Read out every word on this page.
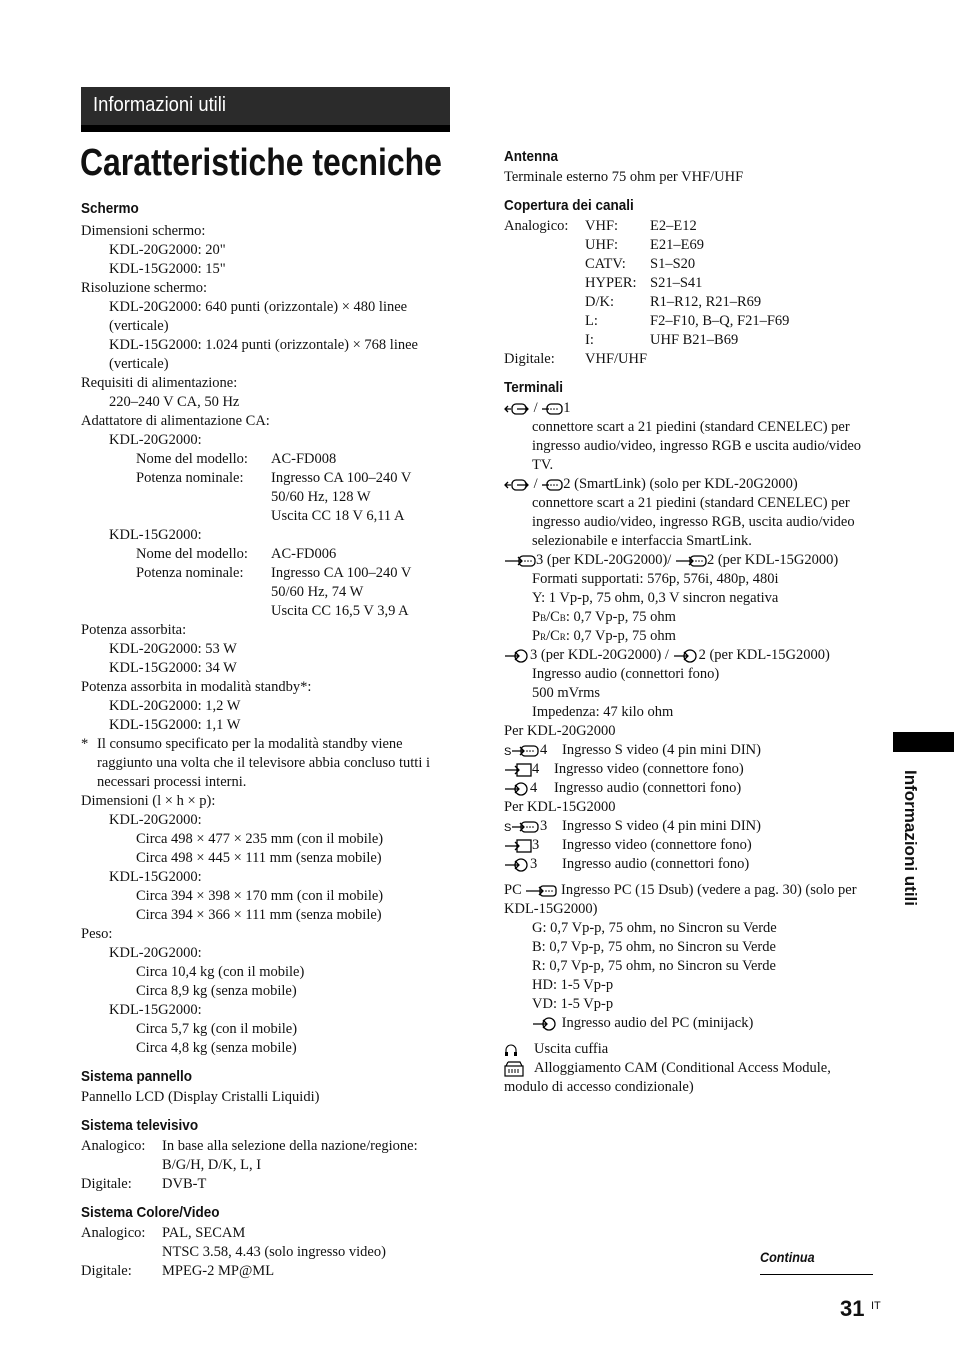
Informazioni utili
Caratteristiche tecniche
Schermo
Dimensioni schermo:
KDL-20G2000: 20"
KDL-15G2000: 15"
Risoluzione schermo:
KDL-20G2000: 640 punti (orizzontale) × 480 linee
(verticale)
KDL-15G2000: 1.024 punti (orizzontale) × 768 linee
(verticale)
Requisiti di alimentazione:
220–240 V CA, 50 Hz
Adattatore di alimentazione CA:
KDL-20G2000:
Nome del modello: AC-FD008
Potenza nominale: Ingresso CA 100–240 V
50/60 Hz, 128 W
Uscita CC 18 V 6,11 A
KDL-15G2000:
Nome del modello: AC-FD006
Potenza nominale: Ingresso CA 100–240 V
50/60 Hz, 74 W
Uscita CC 16,5 V 3,9 A
Potenza assorbita:
KDL-20G2000: 53 W
KDL-15G2000: 34 W
Potenza assorbita in modalità standby*:
KDL-20G2000: 1,2 W
KDL-15G2000: 1,1 W
* Il consumo specificato per la modalità standby viene
raggiunto una volta che il televisore abbia concluso tutti i
necessari processi interni.
Dimensioni (l × h × p):
KDL-20G2000:
Circa 498 × 477 × 235 mm (con il mobile)
Circa 498 × 445 × 111 mm (senza mobile)
KDL-15G2000:
Circa 394 × 398 × 170 mm (con il mobile)
Circa 394 × 366 × 111 mm (senza mobile)
Peso:
KDL-20G2000:
Circa 10,4 kg (con il mobile)
Circa 8,9 kg (senza mobile)
KDL-15G2000:
Circa 5,7 kg (con il mobile)
Circa 4,8 kg (senza mobile)
Sistema pannello
Pannello LCD (Display Cristalli Liquidi)
Sistema televisivo
Analogico: In base alla selezione della nazione/regione:
B/G/H, D/K, L, I
Digitale: DVB-T
Sistema Colore/Video
Analogico: PAL, SECAM
NTSC 3.58, 4.43 (solo ingresso video)
Digitale: MPEG-2 MP@ML
Antenna
Terminale esterno 75 ohm per VHF/UHF
Copertura dei canali
Analogico: VHF: E2–E12
UHF: E21–E69
CATV: S1–S20
HYPER: S21–S41
D/K: R1–R12, R21–R69
L:	F2–F10, B–Q, F21–F69
I:	UHF B21–B69
Digitale: VHF/UHF
Terminali
/ 1
connettore scart a 21 piedini (standard CENELEC) per
ingresso audio/video, ingresso RGB e uscita audio/video
TV.
/ 2 (SmartLink) (solo per KDL-20G2000)
connettore scart a 21 piedini (standard CENELEC) per
ingresso audio/video, ingresso RGB, uscita audio/video
selezionabile e interfaccia SmartLink.
3 (per KDL-20G2000)/ 2 (per KDL-15G2000)
Formati supportati: 576p, 576i, 480p, 480i
Y: 1 Vp-p, 75 ohm, 0,3 V sincron negativa
PB/CB: 0,7 Vp-p, 75 ohm
PR/CR: 0,7 Vp-p, 75 ohm
3 (per KDL-20G2000) / 2 (per KDL-15G2000)
Ingresso audio (connettori fono)
500 mVrms
Impedenza: 47 kilo ohm
Per KDL-20G2000
S 4 Ingresso S video (4 pin mini DIN)
4 Ingresso video (connettore fono)
4 Ingresso audio (connettori fono)
Per KDL-15G2000
S 3 Ingresso S video (4 pin mini DIN)
3 Ingresso video (connettore fono)
3 Ingresso audio (connettori fono)
PC	Ingresso PC (15 Dsub) (vedere a pag. 30) (solo per
KDL-15G2000)
G: 0,7 Vp-p, 75 ohm, no Sincron su Verde
B: 0,7 Vp-p, 75 ohm, no Sincron su Verde
R: 0,7 Vp-p, 75 ohm, no Sincron su Verde
HD: 1-5 Vp-p
VD: 1-5 Vp-p
Ingresso audio del PC (minijack)
Uscita cuffia
Alloggiamento CAM (Conditional Access Module,
modulo di accesso condizionale)
Informazioni utili
Continua
31 IT
